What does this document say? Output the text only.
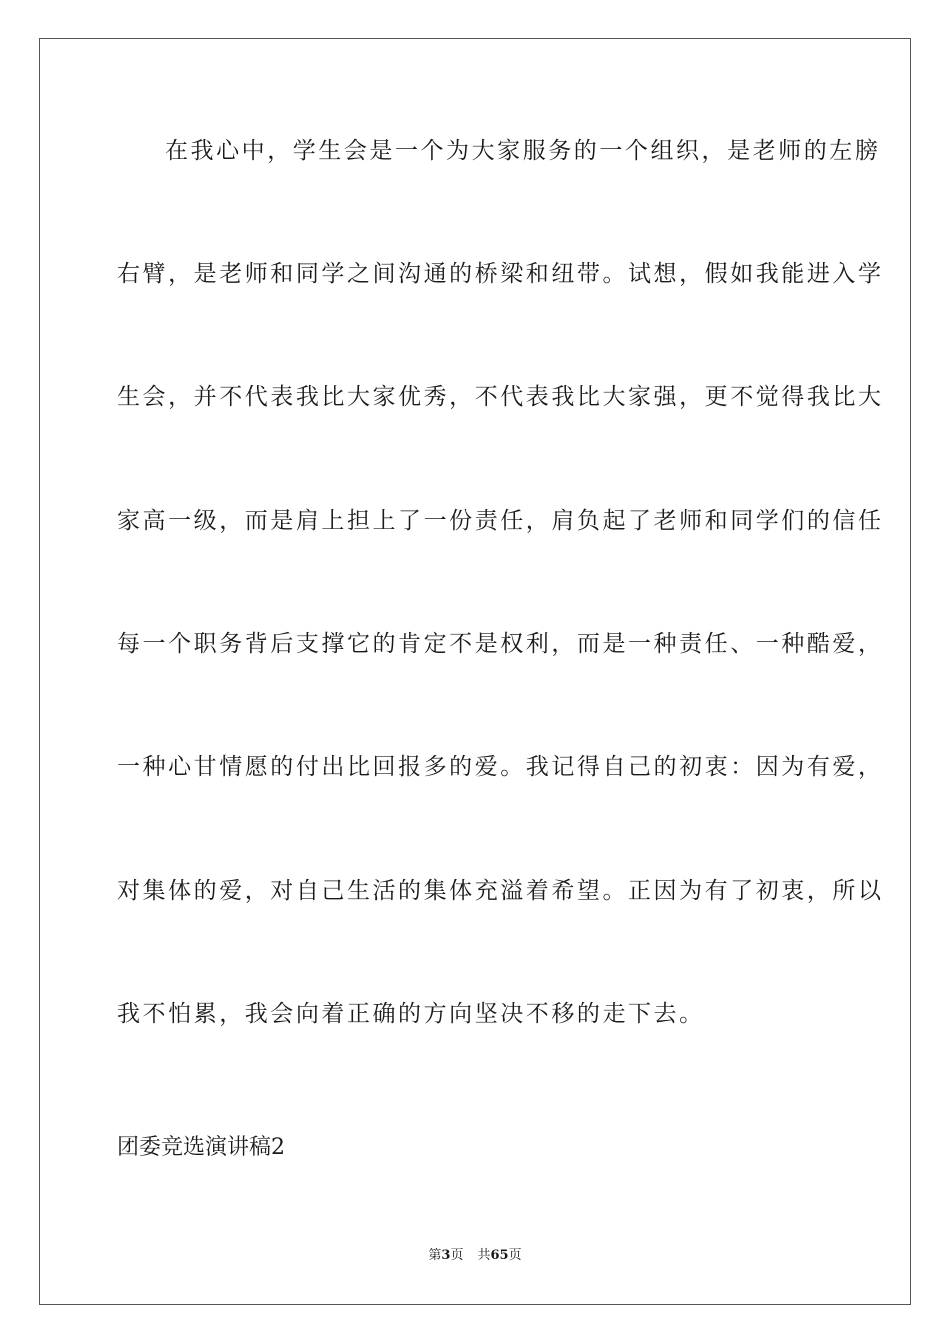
在我心中，学生会是一个为大家服务的一个组织，是老师的左膀
右臂，是老师和同学之间沟通的桥梁和纽带。试想，假如我能进入学
生会，并不代表我比大家优秀，不代表我比大家强，更不觉得我比大
家高一级，而是肩上担上了一份责任，肩负起了老师和同学们的信任
每一个职务背后支撑它的肯定不是权利，而是一种责任、一种酷爱，
一种心甘情愿的付出比回报多的爱。我记得自己的初衷：因为有爱，
对集体的爱，对自己生活的集体充溢着希望。正因为有了初衷，所以
我不怕累，我会向着正确的方向坚决不移的走下去。
团委竞选演讲稿2
第3页 共65页
